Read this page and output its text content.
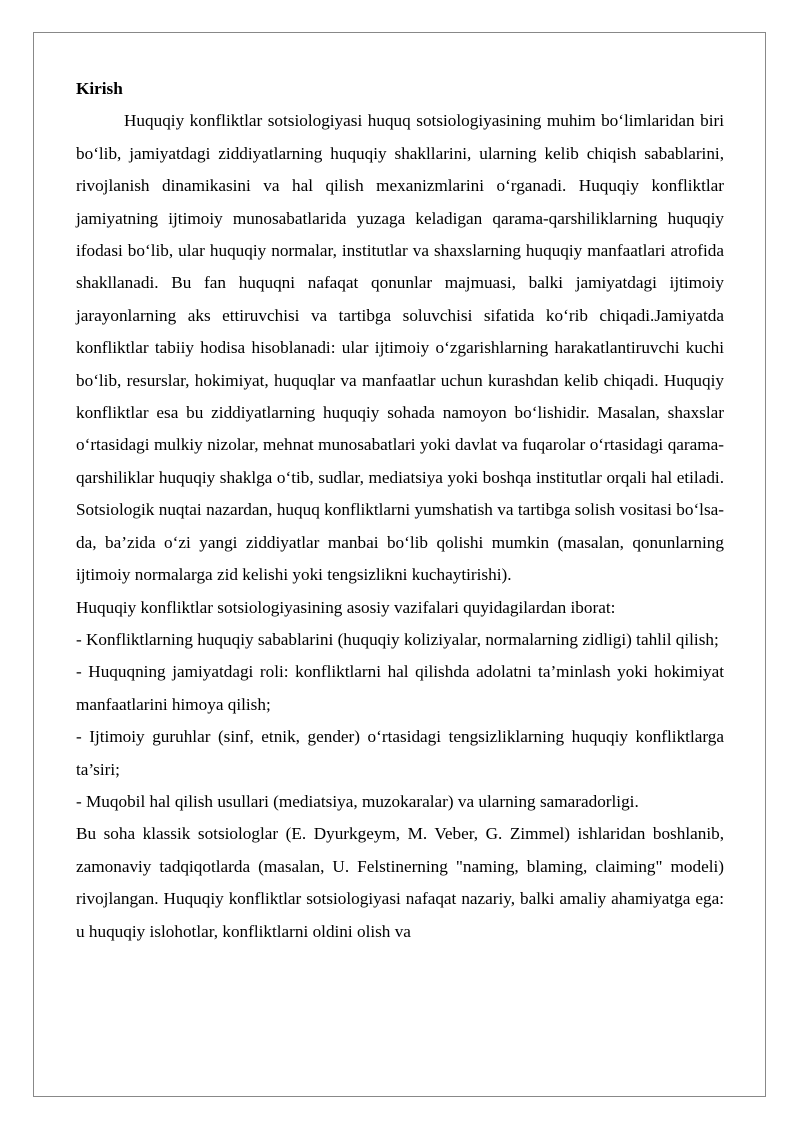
Kirish

Huquqiy konfliktlar sotsiologiyasi huquq sotsiologiyasining muhim bo‘limlaridan biri bo‘lib, jamiyatdagi ziddiyatlarning huquqiy shakllarini, ularning kelib chiqish sabablarini, rivojlanish dinamikasini va hal qilish mexanizmlarini o‘rganadi. Huquqiy konfliktlar jamiyatning ijtimoiy munosabatlarida yuzaga keladigan qarama-qarshiliklarning huquqiy ifodasi bo‘lib, ular huquqiy normalar, institutlar va shaxslarning huquqiy manfaatlari atrofida shakllanadi. Bu fan huquqni nafaqat qonunlar majmuasi, balki jamiyatdagi ijtimoiy jarayonlarning aks ettiruvchisi va tartibga soluvchisi sifatida ko‘rib chiqadi.Jamiyatda konfliktlar tabiiy hodisa hisoblanadi: ular ijtimoiy o‘zgarishlarning harakatlantiruvchi kuchi bo‘lib, resurslar, hokimiyat, huquqlar va manfaatlar uchun kurashdan kelib chiqadi. Huquqiy konfliktlar esa bu ziddiyatlarning huquqiy sohada namoyon bo‘lishidir. Masalan, shaxslar o‘rtasidagi mulkiy nizolar, mehnat munosabatlari yoki davlat va fuqarolar o‘rtasidagi qarama-qarshiliklar huquqiy shaklga o‘tib, sudlar, mediatsiya yoki boshqa institutlar orqali hal etiladi. Sotsiologik nuqtai nazardan, huquq konfliktlarni yumshatish va tartibga solish vositasi bo‘lsa-da, ba’zida o‘zi yangi ziddiyatlar manbai bo‘lib qolishi mumkin (masalan, qonunlarning ijtimoiy normalarga zid kelishi yoki tengsizlikni kuchaytirishi).

Huquqiy konfliktlar sotsiologiyasining asosiy vazifalari quyidagilardan iborat:

- Konfliktlarning huquqiy sabablarini (huquqiy koliziyalar, normalarning zidligi) tahlil qilish;

- Huquqning jamiyatdagi roli: konfliktlarni hal qilishda adolatni ta’minlash yoki hokimiyat manfaatlarini himoya qilish;

- Ijtimoiy guruhlar (sinf, etnik, gender) o‘rtasidagi tengsizliklarning huquqiy konfliktlarga ta’siri;

- Muqobil hal qilish usullari (mediatsiya, muzokaralar) va ularning samaradorligi.

Bu soha klassik sotsiologlar (E. Dyurkgeym, M. Veber, G. Zimmel) ishlaridan boshlanib, zamonaviy tadqiqotlarda (masalan, U. Felstinerning "naming, blaming, claiming" modeli) rivojlangan. Huquqiy konfliktlar sotsiologiyasi nafaqat nazariy, balki amaliy ahamiyatga ega: u huquqiy islohotlar, konfliktlarni oldini olish va
